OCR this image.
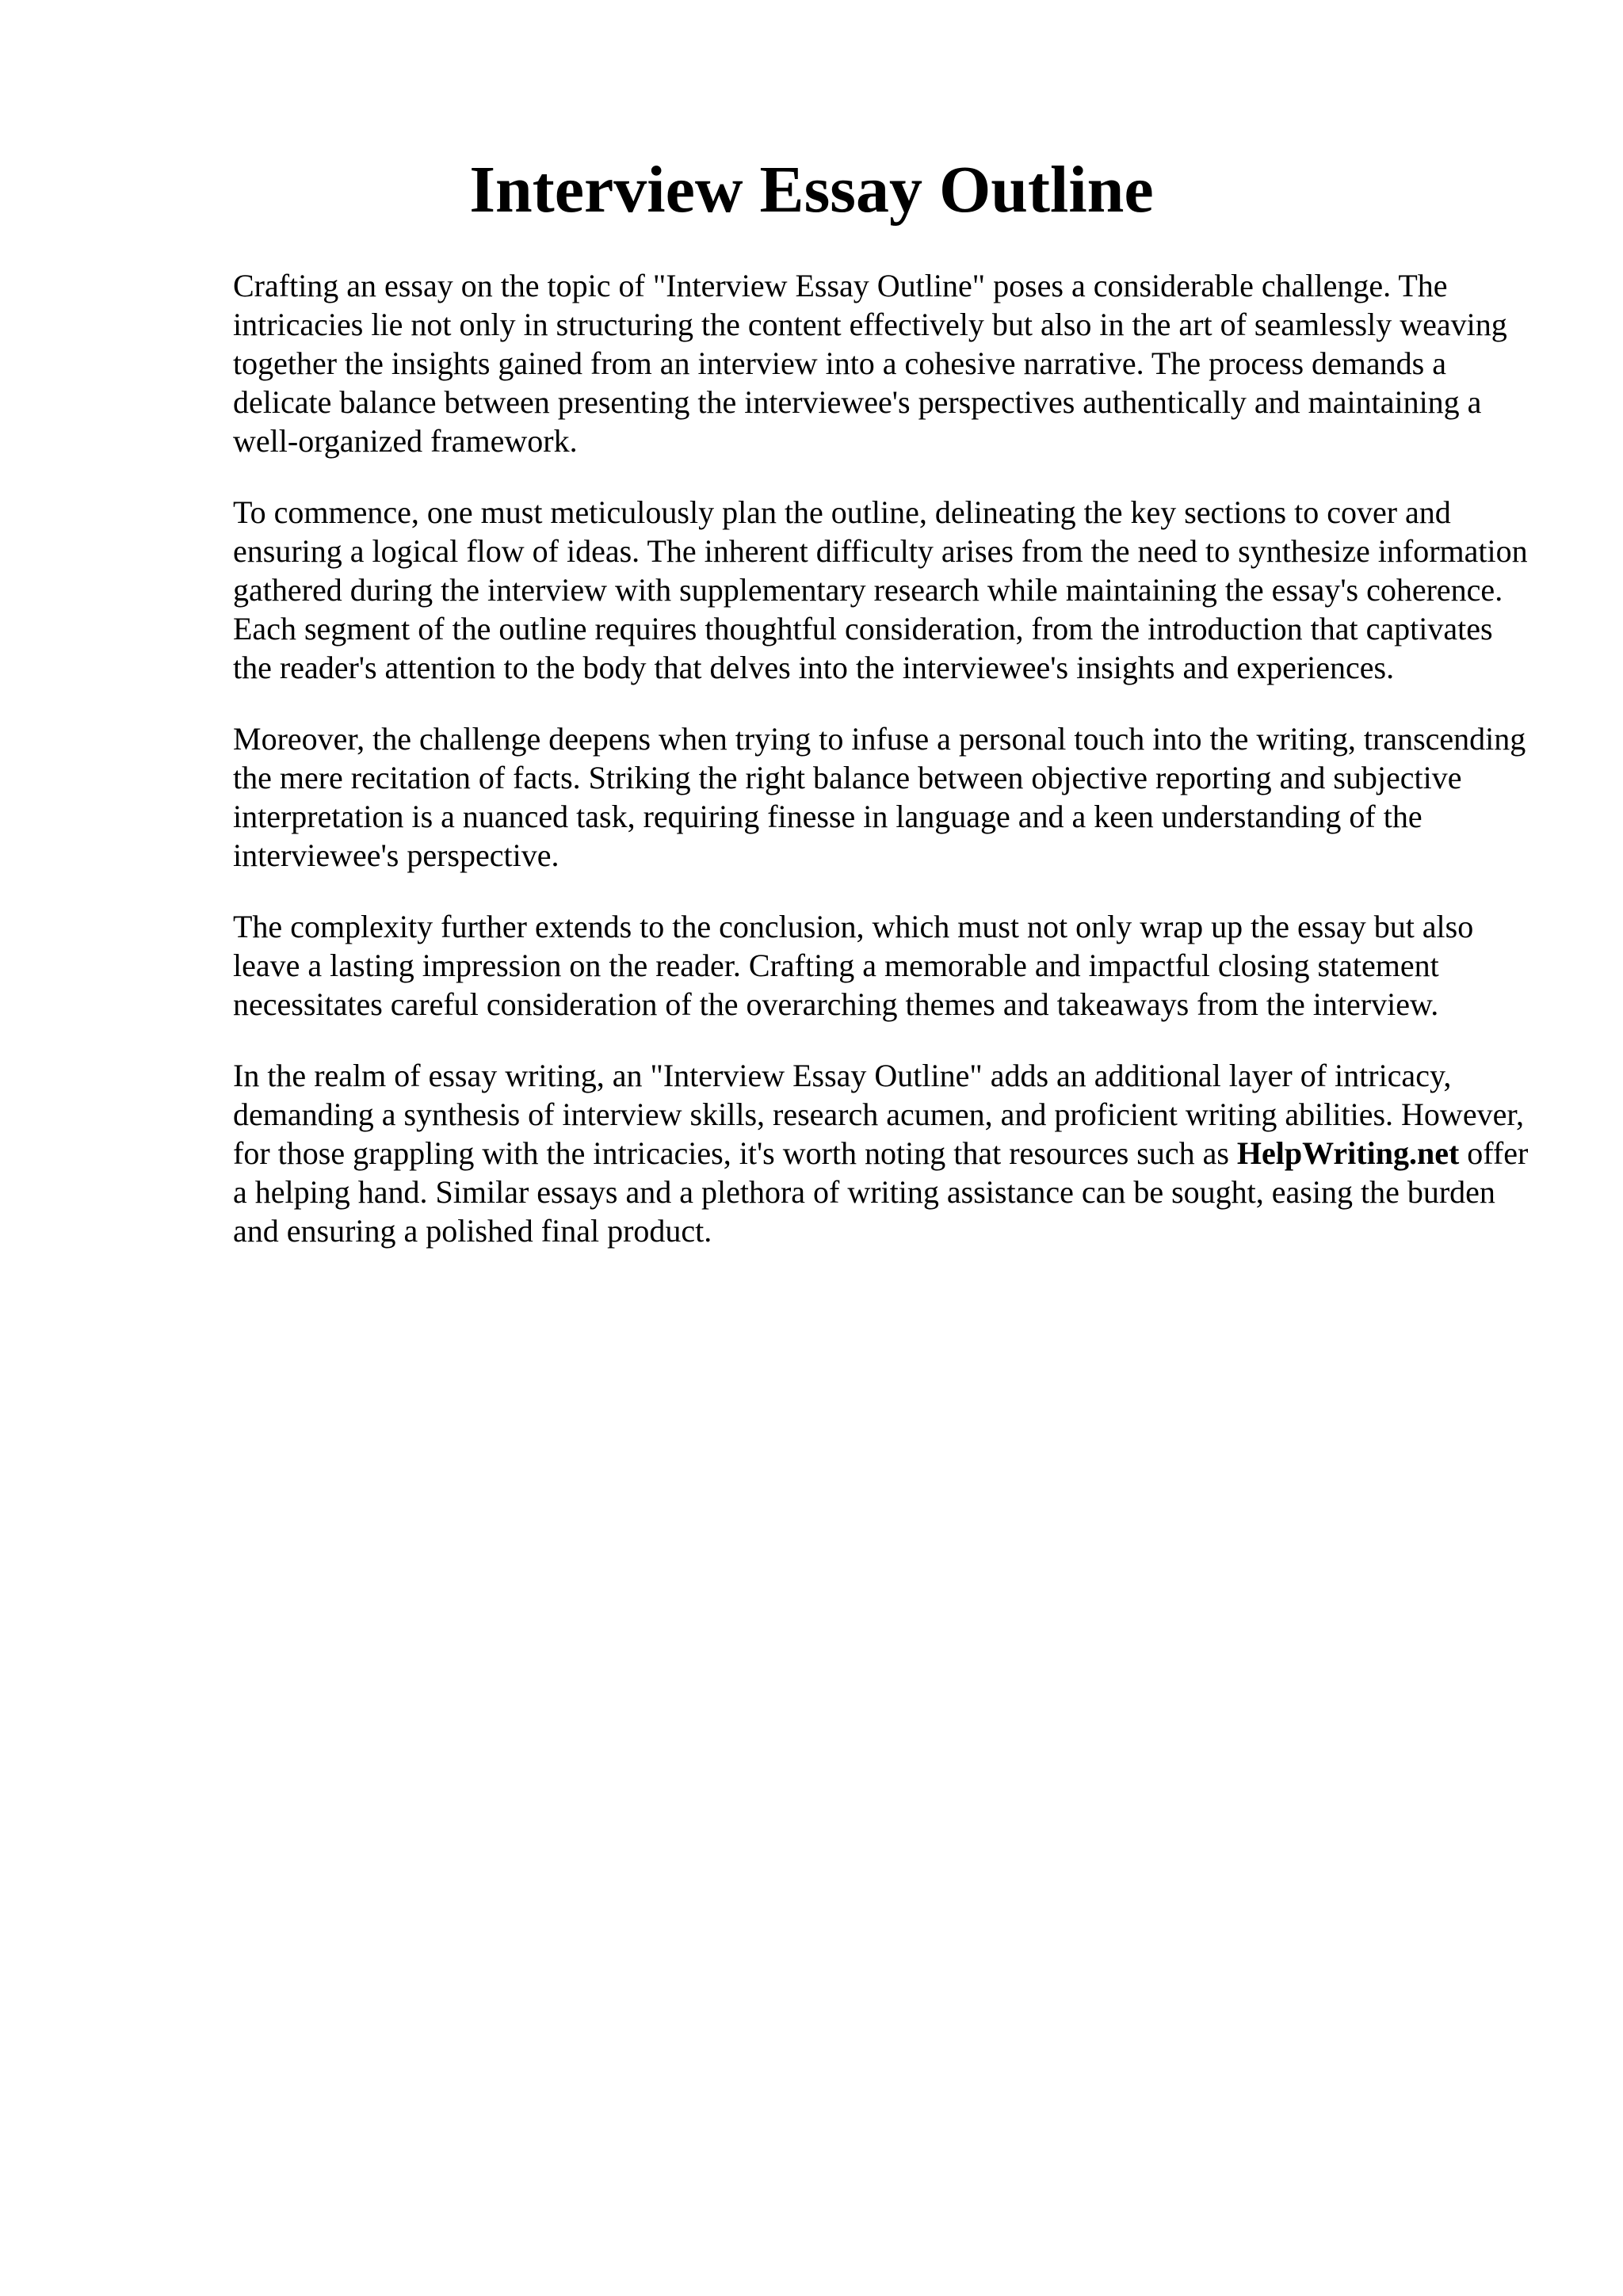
Interview Essay Outline

Crafting an essay on the topic of "Interview Essay Outline" poses a considerable challenge. The intricacies lie not only in structuring the content effectively but also in the art of seamlessly weaving together the insights gained from an interview into a cohesive narrative. The process demands a delicate balance between presenting the interviewee's perspectives authentically and maintaining a well-organized framework.

To commence, one must meticulously plan the outline, delineating the key sections to cover and ensuring a logical flow of ideas. The inherent difficulty arises from the need to synthesize information gathered during the interview with supplementary research while maintaining the essay's coherence. Each segment of the outline requires thoughtful consideration, from the introduction that captivates the reader's attention to the body that delves into the interviewee's insights and experiences.

Moreover, the challenge deepens when trying to infuse a personal touch into the writing, transcending the mere recitation of facts. Striking the right balance between objective reporting and subjective interpretation is a nuanced task, requiring finesse in language and a keen understanding of the interviewee's perspective.

The complexity further extends to the conclusion, which must not only wrap up the essay but also leave a lasting impression on the reader. Crafting a memorable and impactful closing statement necessitates careful consideration of the overarching themes and takeaways from the interview.

In the realm of essay writing, an "Interview Essay Outline" adds an additional layer of intricacy, demanding a synthesis of interview skills, research acumen, and proficient writing abilities. However, for those grappling with the intricacies, it's worth noting that resources such as HelpWriting.net offer a helping hand. Similar essays and a plethora of writing assistance can be sought, easing the burden and ensuring a polished final product.
